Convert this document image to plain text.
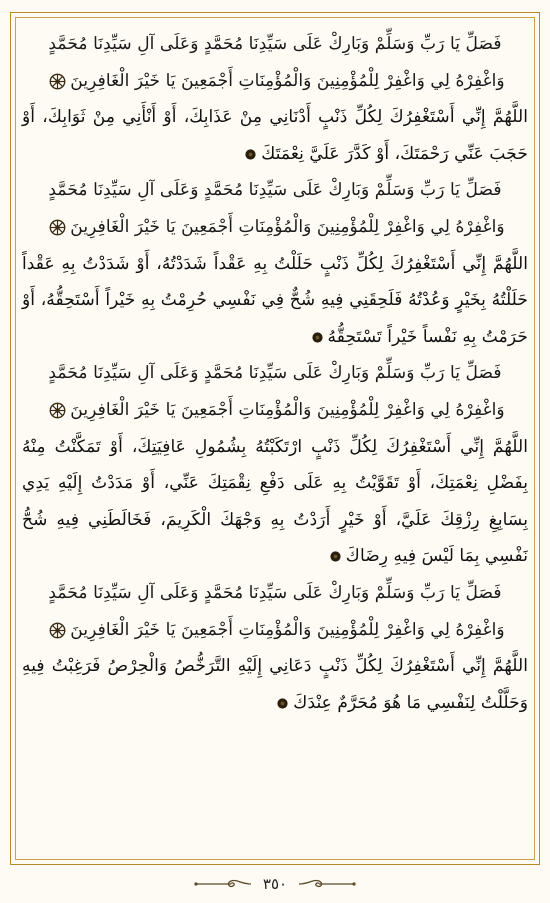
فَصَلِّ يَا رَبِّ وَسَلِّمْ وَبَارِكْ عَلَى سَيِّدِنَا مُحَمَّدٍ وَعَلَى آلِ سَيِّدِنَا مُحَمَّدٍ

وَاغْفِرْهُ لِي وَاغْفِرْ لِلْمُؤْمِنِينَ وَالْمُؤْمِنَاتِ أَجْمَعِينَ يَا خَيْرَ الْغَافِرِينَ

اللَّهُمَّ إِنِّي أَسْتَغْفِرُكَ لِكُلِّ ذَنْبٍ أَدْنَانِي مِنْ عَذَابِكَ، أَوْ أَنْأَنِي مِنْ ثَوَابِكَ، أَوْ حَجَبَ عَنِّي رَحْمَتَكَ، أَوْ كَدَّرَ عَلَيَّ نِعْمَتَكَ

فَصَلِّ يَا رَبِّ وَسَلِّمْ وَبَارِكْ عَلَى سَيِّدِنَا مُحَمَّدٍ وَعَلَى آلِ سَيِّدِنَا مُحَمَّدٍ

وَاغْفِرْهُ لِي وَاغْفِرْ لِلْمُؤْمِنِينَ وَالْمُؤْمِنَاتِ أَجْمَعِينَ يَا خَيْرَ الْغَافِرِينَ

اللَّهُمَّ إِنِّي أَسْتَغْفِرُكَ لِكُلِّ ذَنْبٍ حَلَلْتُ بِهِ عَقْداً شَدَدْتُهُ، أَوْ شَدَدْتُ بِهِ عَقْداً حَلَلْتُهُ بِخَيْرٍ وَعُدْتُهُ فَلَحِقَنِي فِيهِ شُحٌّ فِي نَفْسِي حُرِمْتُ بِهِ خَيْراً أَسْتَحِقُّهُ، أَوْ حَرَمْتُ بِهِ نَفْساً خَيْراً تَسْتَحِقُّهُ

فَصَلِّ يَا رَبِّ وَسَلِّمْ وَبَارِكْ عَلَى سَيِّدِنَا مُحَمَّدٍ وَعَلَى آلِ سَيِّدِنَا مُحَمَّدٍ

وَاغْفِرْهُ لِي وَاغْفِرْ لِلْمُؤْمِنِينَ وَالْمُؤْمِنَاتِ أَجْمَعِينَ يَا خَيْرَ الْغَافِرِينَ

اللَّهُمَّ إِنِّي أَسْتَغْفِرُكَ لِكُلِّ ذَنْبٍ ارْتَكَبْتُهُ بِشُمُولِ عَافِيَتِكَ، أَوْ تَمَكَّنْتُ مِنْهُ بِفَضْلِ نِعْمَتِكَ، أَوْ تَقَوَّيْتُ بِهِ عَلَى دَفْعِ نِقْمَتِكَ عَنِّي، أَوْ مَدَدْتُ إِلَيْهِ يَدِي بِسَابِغِ رِزْقِكَ عَلَيَّ، أَوْ خَيْرٍ أَرَدْتُ بِهِ وَجْهَكَ الْكَرِيمَ، فَخَالَطَنِي فِيهِ شُحُّ نَفْسِي بِمَا لَيْسَ فِيهِ رِضَاكَ

فَصَلِّ يَا رَبِّ وَسَلِّمْ وَبَارِكْ عَلَى سَيِّدِنَا مُحَمَّدٍ وَعَلَى آلِ سَيِّدِنَا مُحَمَّدٍ

وَاغْفِرْهُ لِي وَاغْفِرْ لِلْمُؤْمِنِينَ وَالْمُؤْمِنَاتِ أَجْمَعِينَ يَا خَيْرَ الْغَافِرِينَ

اللَّهُمَّ إِنِّي أَسْتَغْفِرُكَ لِكُلِّ ذَنْبٍ دَعَانِي إِلَيْهِ التَّرَخُّصُ وَالْحِرْصُ فَرَغِبْتُ فِيهِ وَحَلَّلْتُ لِنَفْسِي مَا هُوَ مُحَرَّمٌ عِنْدَكَ

٣٥٠
